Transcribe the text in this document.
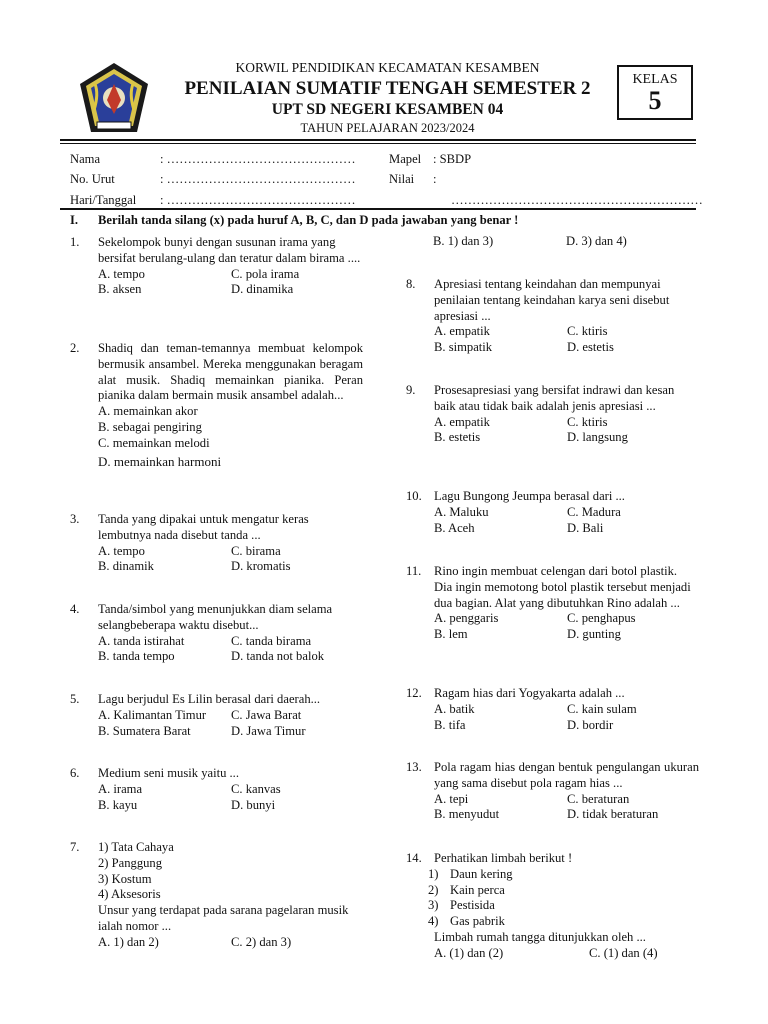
KORWIL PENDIDIKAN KECAMATAN KESAMBEN
PENILAIAN SUMATIF TENGAH SEMESTER 2
UPT SD NEGERI KESAMBEN 04
TAHUN PELAJARAN 2023/2024
KELAS
5
Nama	: ………………………………………
No. Urut	: ………………………………………
Hari/Tanggal : ………………………………………
Mapel : SBDP
Nilai :
……………………………………………………
I. Berilah tanda silang (x) pada huruf A, B, C, dan D pada jawaban yang benar !
1. Sekelompok bunyi dengan susunan irama yang bersifat berulang-ulang dan teratur dalam birama ....
A. tempo	C. pola irama
B. aksen	D. dinamika
2. Shadiq dan teman-temannya membuat kelompok bermusik ansambel. Mereka menggunakan beragam alat musik. Shadiq memainkan pianika. Peran pianika dalam bermain musik ansambel adalah...
A. memainkan akor
B. sebagai pengiring
C. memainkan melodi
D. memainkan harmoni
3. Tanda yang dipakai untuk mengatur keras lembutnya nada disebut tanda ...
A. tempo	C. birama
B. dinamik	D. kromatis
4. Tanda/simbol yang menunjukkan diam selama selangbeberapa waktu disebut...
A. tanda istirahat	C. tanda birama
B. tanda tempo	D. tanda not balok
5. Lagu berjudul Es Lilin berasal dari daerah...
A. Kalimantan Timur	C. Jawa Barat
B. Sumatera Barat	D. Jawa Timur
6. Medium seni musik yaitu ...
A. irama	C. kanvas
B. kayu	D. bunyi
7. 1) Tata Cahaya
2) Panggung
3) Kostum
4) Aksesoris
Unsur yang terdapat pada sarana pagelaran musik ialah nomor ...
A. 1) dan 2)	C. 2) dan 3)
B. 1) dan 3)	D. 3) dan 4)
8. Apresiasi tentang keindahan dan mempunyai penilaian tentang keindahan karya seni disebut apresiasi ...
A. empatik	C. ktiris
B. simpatik	D. estetis
9. Prosesapresiasi yang bersifat indrawi dan kesan baik atau tidak baik adalah jenis apresiasi ...
A. empatik	C. ktiris
B. estetis	D. langsung
10. Lagu Bungong Jeumpa berasal dari ...
A. Maluku	C. Madura
B. Aceh	D. Bali
11. Rino ingin membuat celengan dari botol plastik. Dia ingin memotong botol plastik tersebut menjadi dua bagian. Alat yang dibutuhkan Rino adalah ...
A. penggaris	C. penghapus
B. lem	D. gunting
12. Ragam hias dari Yogyakarta adalah ...
A. batik	C. kain sulam
B. tifa	D. bordir
13. Pola ragam hias dengan bentuk pengulangan ukuran yang sama disebut pola ragam hias ...
A. tepi	C. beraturan
B. menyudut	D. tidak beraturan
14. Perhatikan limbah berikut !
1) Daun kering
2) Kain perca
3) Pestisida
4) Gas pabrik
Limbah rumah tangga ditunjukkan oleh ...
A. (1) dan (2)	C. (1) dan (4)
